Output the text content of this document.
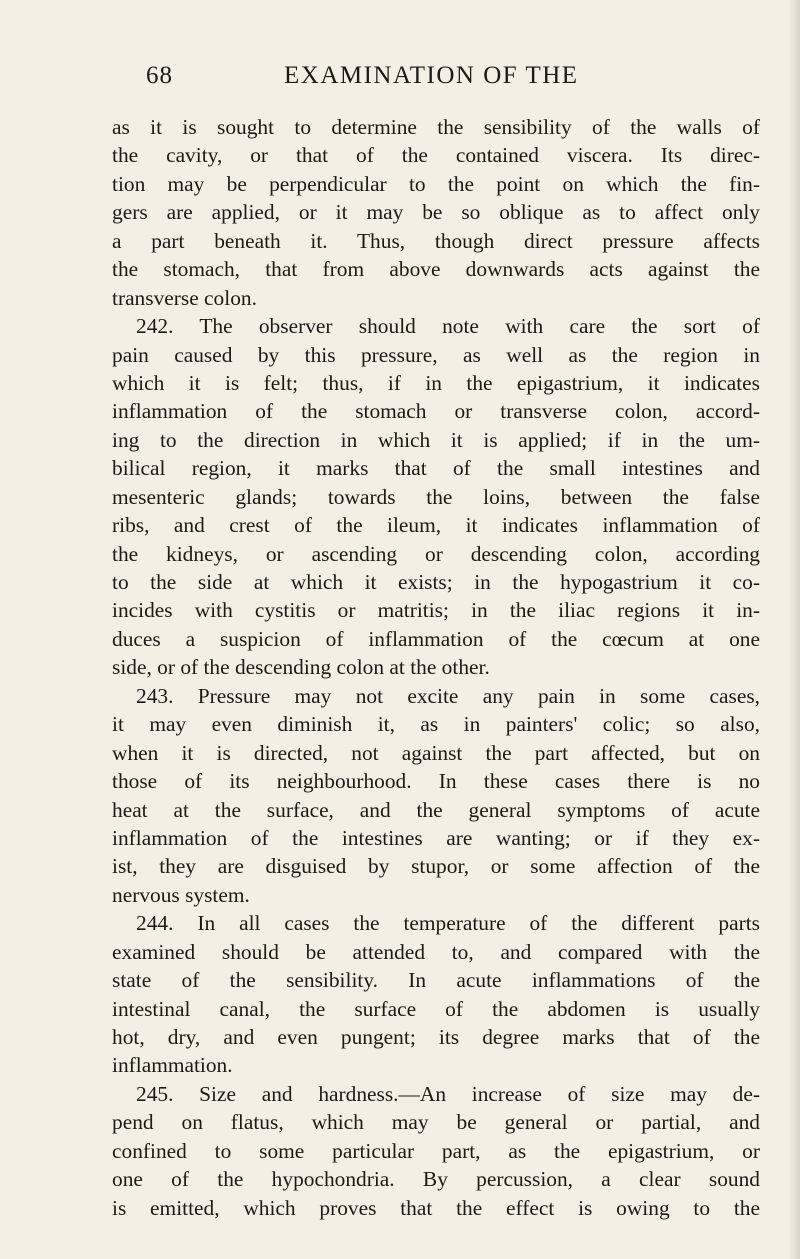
68	EXAMINATION OF THE
as it is sought to determine the sensibility of the walls of
the cavity, or that of the contained viscera. Its direc-
tion may be perpendicular to the point on which the fin-
gers are applied, or it may be so oblique as to affect only
a part beneath it. Thus, though direct pressure affects
the stomach, that from above downwards acts against the
transverse colon.
242. The observer should note with care the sort of
pain caused by this pressure, as well as the region in
which it is felt; thus, if in the epigastrium, it indicates
inflammation of the stomach or transverse colon, accord-
ing to the direction in which it is applied; if in the um-
bilical region, it marks that of the small intestines and
mesenteric glands; towards the loins, between the false
ribs, and crest of the ileum, it indicates inflammation of
the kidneys, or ascending or descending colon, according
to the side at which it exists; in the hypogastrium it co-
incides with cystitis or matritis; in the iliac regions it in-
duces a suspicion of inflammation of the cœcum at one
side, or of the descending colon at the other.
243. Pressure may not excite any pain in some cases,
it may even diminish it, as in painters' colic; so also,
when it is directed, not against the part affected, but on
those of its neighbourhood. In these cases there is no
heat at the surface, and the general symptoms of acute
inflammation of the intestines are wanting; or if they ex-
ist, they are disguised by stupor, or some affection of the
nervous system.
244. In all cases the temperature of the different parts
examined should be attended to, and compared with the
state of the sensibility. In acute inflammations of the
intestinal canal, the surface of the abdomen is usually
hot, dry, and even pungent; its degree marks that of the
inflammation.
245. Size and hardness.—An increase of size may de-
pend on flatus, which may be general or partial, and
confined to some particular part, as the epigastrium, or
one of the hypochondria. By percussion, a clear sound
is emitted, which proves that the effect is owing to the
